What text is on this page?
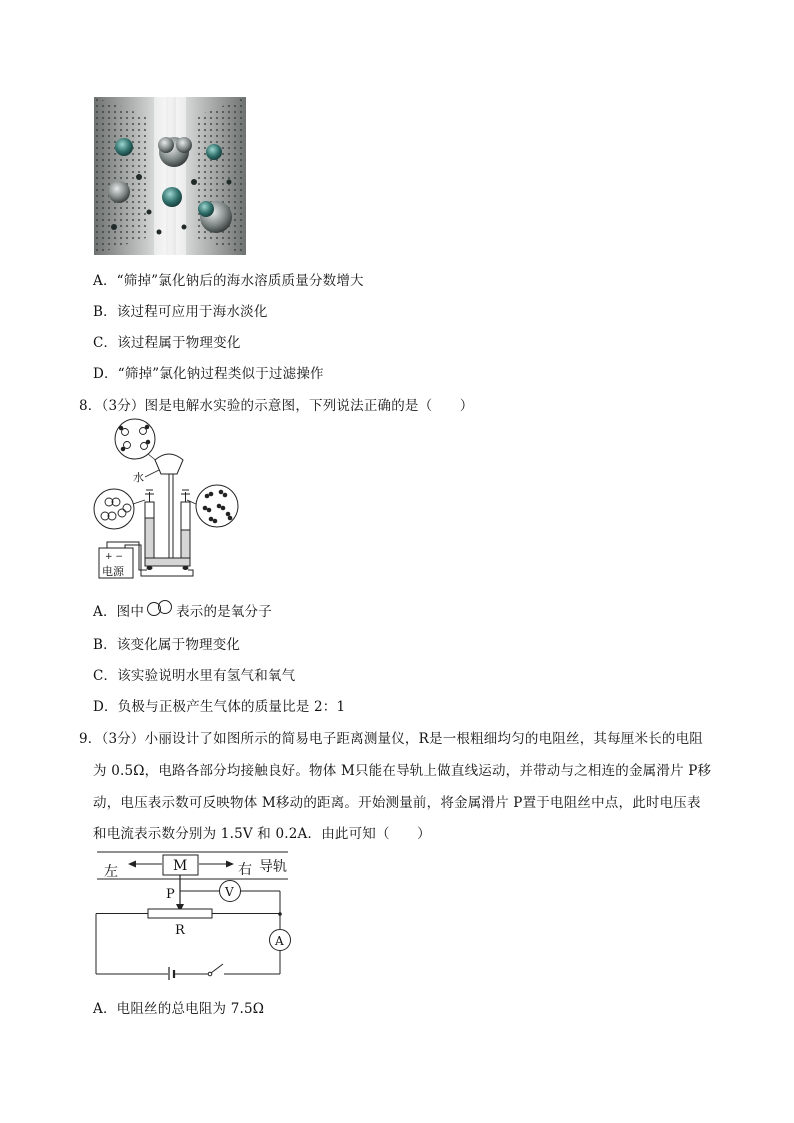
A．“筛掉”氯化钠后的海水溶质质量分数增大
B．该过程可应用于海水淡化
C．该过程属于物理变化
D．“筛掉”氯化钠过程类似于过滤操作
8．（3分）图是电解水实验的示意图，下列说法正确的是（　　）
水
+ −
电源
A．图中 表示的是氧分子
B．该变化属于物理变化
C．该实验说明水里有氢气和氧气
D．负极与正极产生气体的质量比是 2：1
9．（3分）小丽设计了如图所示的简易电子距离测量仪，R是一根粗细均匀的电阻丝，其每厘米长的电阻
为 0.5Ω，电路各部分均接触良好。物体 M只能在导轨上做直线运动，并带动与之相连的金属滑片 P移
动，电压表示数可反映物体 M移动的距离。开始测量前，将金属滑片 P置于电阻丝中点，此时电压表
和电流表示数分别为 1.5V 和 0.2A．由此可知（　　）
M
左	右 导轨
P	V
R
A
A．电阻丝的总电阻为 7.5Ω
